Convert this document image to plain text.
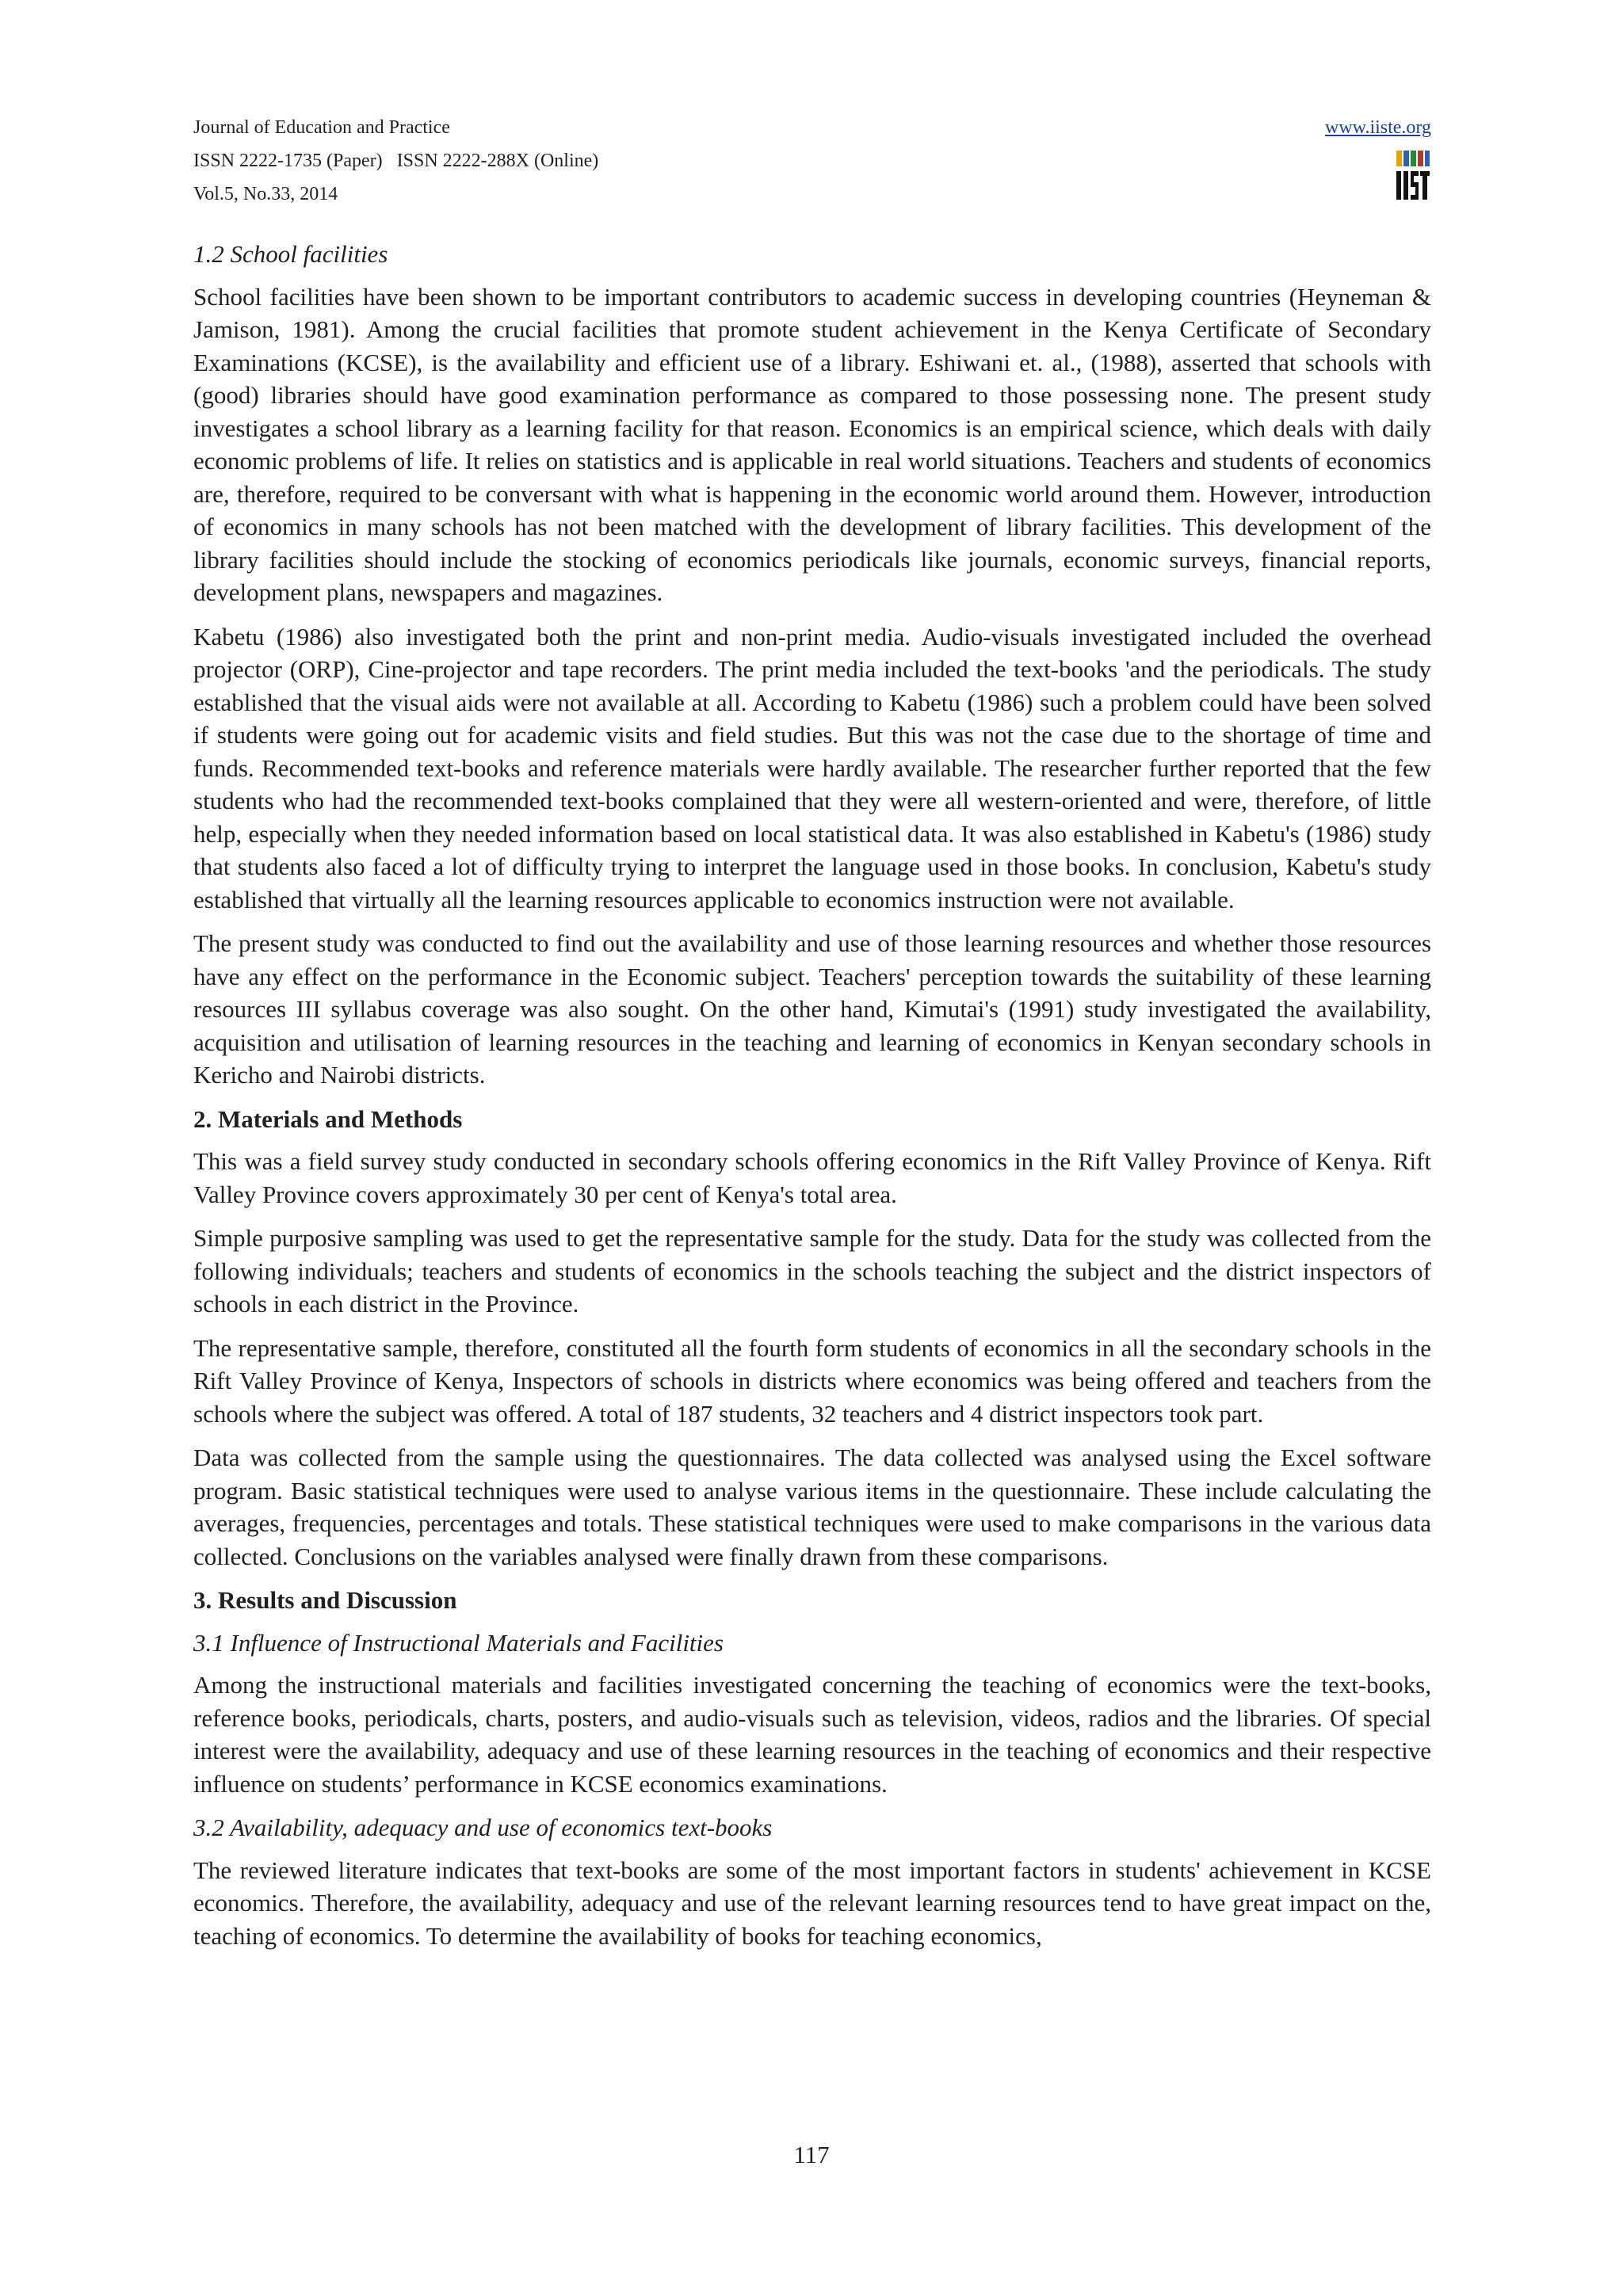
Journal of Education and Practice
ISSN 2222-1735 (Paper)   ISSN 2222-288X (Online)
Vol.5, No.33, 2014
www.iiste.org

1.2 School facilities

School facilities have been shown to be important contributors to academic success in developing countries (Heyneman & Jamison, 1981). Among the crucial facilities that promote student achievement in the Kenya Certificate of Secondary Examinations (KCSE), is the availability and efficient use of a library. Eshiwani et. al., (1988), asserted that schools with (good) libraries should have good examination performance as compared to those possessing none. The present study investigates a school library as a learning facility for that reason. Economics is an empirical science, which deals with daily economic problems of life. It relies on statistics and is applicable in real world situations. Teachers and students of economics are, therefore, required to be conversant with what is happening in the economic world around them. However, introduction of economics in many schools has not been matched with the development of library facilities. This development of the library facilities should include the stocking of economics periodicals like journals, economic surveys, financial reports, development plans, newspapers and magazines.

Kabetu (1986) also investigated both the print and non-print media. Audio-visuals investigated included the overhead projector (ORP), Cine-projector and tape recorders. The print media included the text-books 'and the periodicals. The study established that the visual aids were not available at all. According to Kabetu (1986) such a problem could have been solved if students were going out for academic visits and field studies. But this was not the case due to the shortage of time and funds. Recommended text-books and reference materials were hardly available. The researcher further reported that the few students who had the recommended text-books complained that they were all western-oriented and were, therefore, of little help, especially when they needed information based on local statistical data. It was also established in Kabetu's (1986) study that students also faced a lot of difficulty trying to interpret the language used in those books. In conclusion, Kabetu's study established that virtually all the learning resources applicable to economics instruction were not available.

The present study was conducted to find out the availability and use of those learning resources and whether those resources have any effect on the performance in the Economic subject. Teachers' perception towards the suitability of these learning resources III syllabus coverage was also sought. On the other hand, Kimutai's (1991) study investigated the availability, acquisition and utilisation of learning resources in the teaching and learning of economics in Kenyan secondary schools in Kericho and Nairobi districts.

2. Materials and Methods

This was a field survey study conducted in secondary schools offering economics in the Rift Valley Province of Kenya. Rift Valley Province covers approximately 30 per cent of Kenya's total area.

Simple purposive sampling was used to get the representative sample for the study. Data for the study was collected from the following individuals; teachers and students of economics in the schools teaching the subject and the district inspectors of schools in each district in the Province.

The representative sample, therefore, constituted all the fourth form students of economics in all the secondary schools in the Rift Valley Province of Kenya, Inspectors of schools in districts where economics was being offered and teachers from the schools where the subject was offered. A total of 187 students, 32 teachers and 4 district inspectors took part.

Data was collected from the sample using the questionnaires. The data collected was analysed using the Excel software program. Basic statistical techniques were used to analyse various items in the questionnaire. These include calculating the averages, frequencies, percentages and totals. These statistical techniques were used to make comparisons in the various data collected. Conclusions on the variables analysed were finally drawn from these comparisons.

3. Results and Discussion

3.1 Influence of Instructional Materials and Facilities

Among the instructional materials and facilities investigated concerning the teaching of economics were the text-books, reference books, periodicals, charts, posters, and audio-visuals such as television, videos, radios and the libraries. Of special interest were the availability, adequacy and use of these learning resources in the teaching of economics and their respective influence on students’ performance in KCSE economics examinations.

3.2 Availability, adequacy and use of economics text-books

The reviewed literature indicates that text-books are some of the most important factors in students' achievement in KCSE economics. Therefore, the availability, adequacy and use of the relevant learning resources tend to have great impact on the, teaching of economics. To determine the availability of books for teaching economics,

117
